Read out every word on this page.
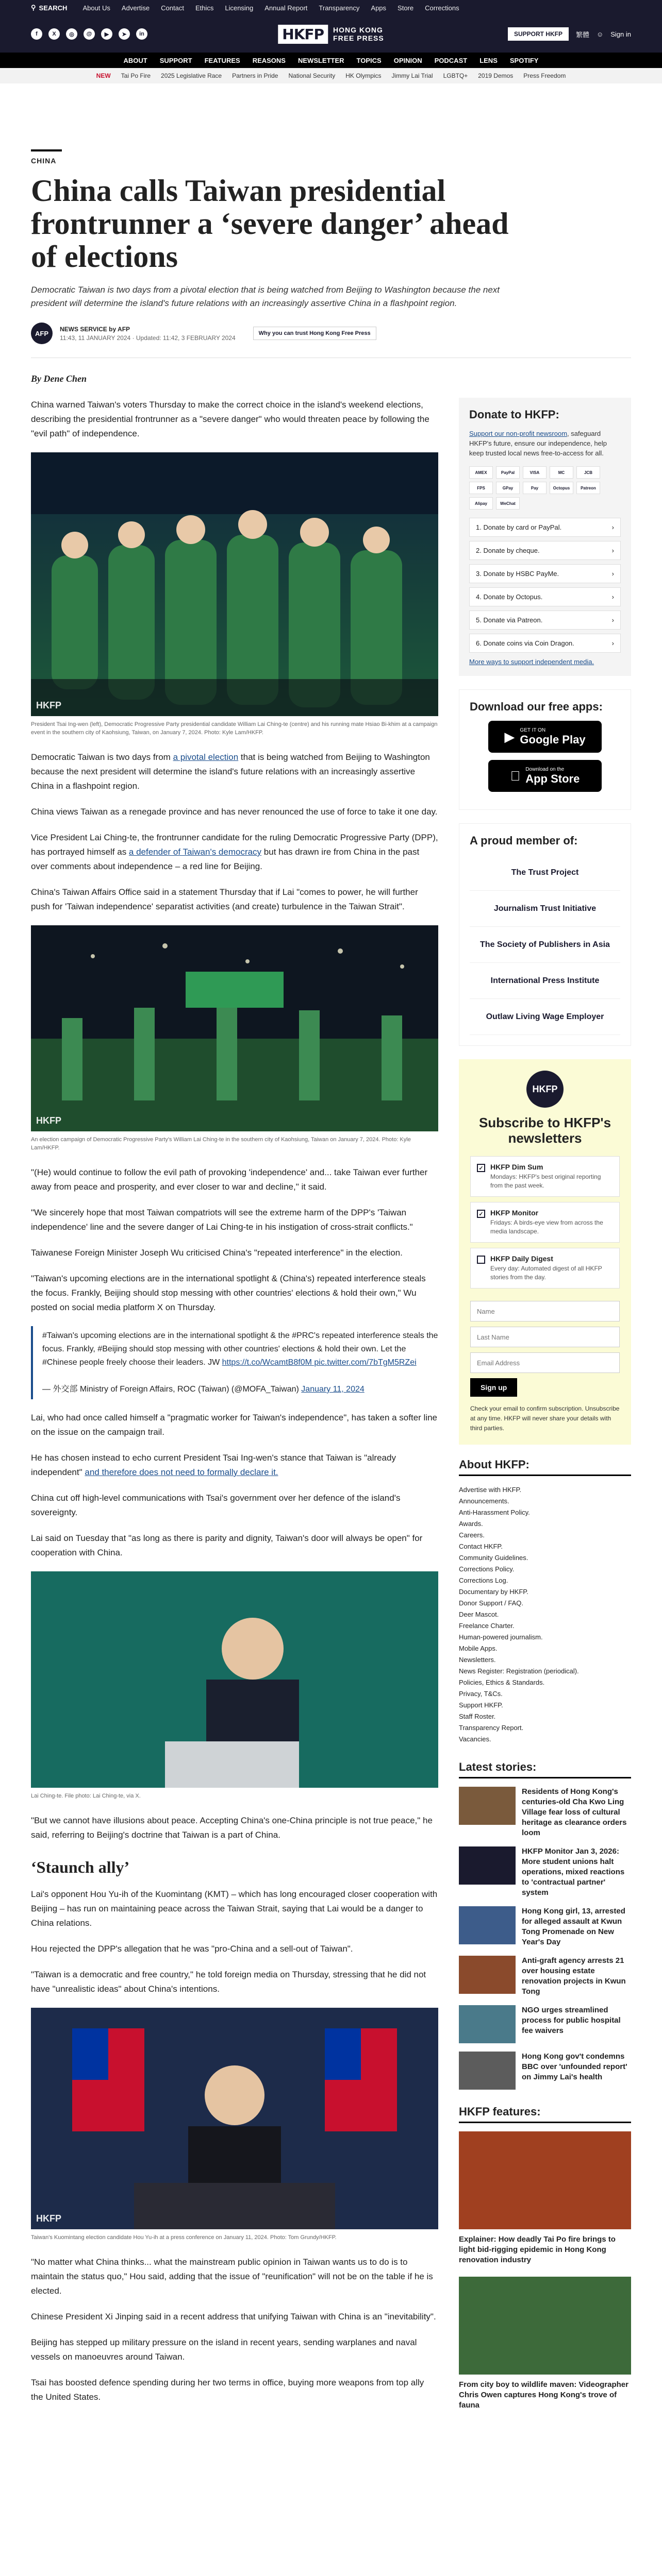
⚲ SEARCH About Us Advertise Contact Ethics Licensing Annual Report Transparency Apps Store Corrections
f	X	◎	@	▶	➤	in	HKFP	HONG KONG
FREE PRESS	SUPPORT HKFP	繁體 ☺ Sign in
ABOUT SUPPORT FEATURES REASONS NEWSLETTER TOPICS OPINION PODCAST LENS SPOTIFY
NEW Tai Po Fire 2025 Legislative Race Partners in Pride National Security HK Olympics Jimmy Lai Trial LGBTQ+ 2019 Demos Press Freedom
CHINA
China calls Taiwan presidential frontrunner a ‘severe danger’ ahead of elections

Democratic Taiwan is two days from a pivotal election that is being watched from Beijing to Washington because the next president will determine the island's future relations with an increasingly assertive China in a flashpoint region.

AFP
NEWS SERVICE by AFP
11:43, 11 JANUARY 2024 · Updated: 11:42, 3 FEBRUARY 2024
Why you can trust Hong Kong Free Press
By Dene Chen

China warned Taiwan's voters Thursday to make the correct choice in the island's weekend elections, describing the presidential frontrunner as a "severe danger" who would threaten peace by following the "evil path" of independence.

HKFP
President Tsai Ing-wen (left), Democratic Progressive Party presidential candidate William Lai Ching-te (centre) and his running mate Hsiao Bi-khim at a campaign event in the southern city of Kaohsiung, Taiwan, on January 7, 2024. Photo: Kyle Lam/HKFP.

Democratic Taiwan is two days from a pivotal election that is being watched from Beijing to Washington because the next president will determine the island's future relations with an increasingly assertive China in a flashpoint region.

China views Taiwan as a renegade province and has never renounced the use of force to take it one day.

Vice President Lai Ching-te, the frontrunner candidate for the ruling Democratic Progressive Party (DPP), has portrayed himself as a defender of Taiwan's democracy but has drawn ire from China in the past over comments about independence – a red line for Beijing.

China's Taiwan Affairs Office said in a statement Thursday that if Lai "comes to power, he will further push for 'Taiwan independence' separatist activities (and create) turbulence in the Taiwan Strait".

HKFP
An election campaign of Democratic Progressive Party's William Lai Ching-te in the southern city of Kaohsiung, Taiwan on January 7, 2024. Photo: Kyle Lam/HKFP.

"(He) would continue to follow the evil path of provoking 'independence' and... take Taiwan ever further away from peace and prosperity, and ever closer to war and decline," it said.

"We sincerely hope that most Taiwan compatriots will see the extreme harm of the DPP's 'Taiwan independence' line and the severe danger of Lai Ching-te in his instigation of cross-strait conflicts."

Taiwanese Foreign Minister Joseph Wu criticised China's "repeated interference" in the election.

"Taiwan's upcoming elections are in the international spotlight & (China's) repeated interference steals the focus. Frankly, Beijing should stop messing with other countries' elections & hold their own," Wu posted on social media platform X on Thursday.

#Taiwan's upcoming elections are in the international spotlight & the #PRC's repeated interference steals the focus. Frankly, #Beijing should stop messing with other countries' elections & hold their own. Let the #Chinese people freely choose their leaders. JW https://t.co/WcamtB8f0M pic.twitter.com/7bTgM5RZei

— 外交部 Ministry of Foreign Affairs, ROC (Taiwan) (@MOFA_Taiwan) January 11, 2024

Lai, who had once called himself a "pragmatic worker for Taiwan's independence", has taken a softer line on the issue on the campaign trail.

He has chosen instead to echo current President Tsai Ing-wen's stance that Taiwan is "already independent" and therefore does not need to formally declare it.

China cut off high-level communications with Tsai's government over her defence of the island's sovereignty.

Lai said on Tuesday that "as long as there is parity and dignity, Taiwan's door will always be open" for cooperation with China.

Lai Ching-te. File photo: Lai Ching-te, via X.

"But we cannot have illusions about peace. Accepting China's one-China principle is not true peace," he said, referring to Beijing's doctrine that Taiwan is a part of China.

‘Staunch ally’

Lai's opponent Hou Yu-ih of the Kuomintang (KMT) – which has long encouraged closer cooperation with Beijing – has run on maintaining peace across the Taiwan Strait, saying that Lai would be a danger to China relations.

Hou rejected the DPP's allegation that he was "pro-China and a sell-out of Taiwan".

"Taiwan is a democratic and free country," he told foreign media on Thursday, stressing that he did not have "unrealistic ideas" about China's intentions.

HKFP
Taiwan's Kuomintang election candidate Hou Yu-ih at a press conference on January 11, 2024. Photo: Tom Grundy/HKFP.

"No matter what China thinks... what the mainstream public opinion in Taiwan wants us to do is to maintain the status quo," Hou said, adding that the issue of "reunification" will not be on the table if he is elected.

Chinese President Xi Jinping said in a recent address that unifying Taiwan with China is an "inevitability".

Beijing has stepped up military pressure on the island in recent years, sending warplanes and naval vessels on manoeuvres around Taiwan.

Tsai has boosted defence spending during her two terms in office, buying more weapons from top ally the United States.

Donate to HKFP:

Support our non-profit newsroom, safeguard HKFP's future, ensure our independence, help keep trusted local news free-to-access for all.

AMEX	PayPal	VISA	MC	JCB
FPS	GPay	Pay	Octopus	Patreon
Alipay	WeChat
1. Donate by card or PayPal.	›
2. Donate by cheque.	›
3. Donate by HSBC PayMe.	›
4. Donate by Octopus.	›
5. Donate via Patreon.	›
6. Donate coins via Coin Dragon.	›
More ways to support independent media.
Download our free apps:
▶ GET IT ON
Google Play
Download on the
App Store
A proud member of:
The Trust Project
Journalism Trust Initiative
The Society of Publishers in Asia
International Press Institute
Outlaw Living Wage Employer
HKFP
Subscribe to HKFP's newsletters
✓ HKFP Dim Sum
Mondays: HKFP's best original reporting from the past week.
✓ HKFP Monitor
Fridays: A birds-eye view from across the media landscape.
HKFP Daily Digest
Every day: Automated digest of all HKFP stories from the day.
Name Last Name Email Address Sign up

Check your email to confirm subscription. Unsubscribe at any time. HKFP will never share your details with third parties.

About HKFP:
Advertise with HKFP.
Announcements.
Anti-Harassment Policy.
Awards.
Careers.
Contact HKFP.
Community Guidelines.
Corrections Policy.
Corrections Log.
Documentary by HKFP.
Donor Support / FAQ.
Deer Mascot.
Freelance Charter.
Human-powered journalism.
Mobile Apps.
Newsletters.
News Register: Registration (periodical).
Policies, Ethics & Standards.
Privacy, T&Cs.
Support HKFP.
Staff Roster.
Transparency Report.
Vacancies.
Latest stories:
Residents of Hong Kong's centuries-old Cha Kwo Ling Village fear loss of cultural heritage as clearance orders loom
HKFP Monitor Jan 3, 2026: More student unions halt operations, mixed reactions to 'contractual partner' system
Hong Kong girl, 13, arrested for alleged assault at Kwun Tong Promenade on New Year's Day
Anti-graft agency arrests 21 over housing estate renovation projects in Kwun Tong
NGO urges streamlined process for public hospital fee waivers
Hong Kong gov't condemns BBC over 'unfounded report' on Jimmy Lai's health
HKFP features:
Explainer: How deadly Tai Po fire brings to light bid-rigging epidemic in Hong Kong renovation industry
From city boy to wildlife maven: Videographer Chris Owen captures Hong Kong's trove of fauna
